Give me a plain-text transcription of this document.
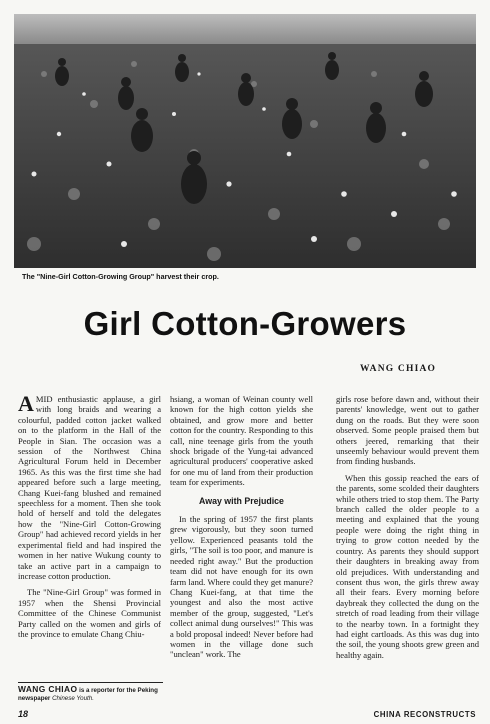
The "Nine-Girl Cotton-Growing Group" harvest their crop.
Girl Cotton-Growers
WANG CHIAO

AMID enthusiastic applause, a girl with long braids and wearing a colourful, padded cotton jacket walked on to the platform in the Hall of the People in Sian. The occasion was a session of the Northwest China Agricultural Forum held in December 1965. As this was the first time she had appeared before such a large meeting, Chang Kuei-fang blushed and remained speechless for a moment. Then she took hold of herself and told the delegates how the "Nine-Girl Cotton-Growing Group" had achieved record yields in her experimental field and had inspired the women in her native Wukung county to take an active part in a campaign to increase cotton production.

The "Nine-Girl Group" was formed in 1957 when the Shensi Provincial Committee of the Chinese Communist Party called on the women and girls of the province to emulate Chang Chiu-

hsiang, a woman of Weinan county well known for the high cotton yields she obtained, and grow more and better cotton for the country. Responding to this call, nine teenage girls from the youth shock brigade of the Yung-tai advanced agricultural producers' cooperative asked for one mu of land from their production team for experiments.

Away with Prejudice

In the spring of 1957 the first plants grew vigorously, but they soon turned yellow. Experienced peasants told the girls, "The soil is too poor, and manure is needed right away." But the production team did not have enough for its own farm land. Where could they get manure? Chang Kuei-fang, at that time the youngest and also the most active member of the group, suggested, "Let's collect animal dung ourselves!" This was a bold proposal indeed! Never before had women in the village done such "unclean" work. The

girls rose before dawn and, without their parents' knowledge, went out to gather dung on the roads. But they were soon observed. Some people praised them but others jeered, remarking that their unseemly behaviour would prevent them from finding husbands.

When this gossip reached the ears of the parents, some scolded their daughters while others tried to stop them. The Party branch called the older people to a meeting and explained that the young people were doing the right thing in trying to grow cotton needed by the country. As parents they should support their daughters in breaking away from old prejudices. With understanding and consent thus won, the girls threw away all their fears. Every morning before daybreak they collected the dung on the stretch of road leading from their village to the nearby town. In a fortnight they had eight cartloads. As this was dug into the soil, the young shoots grew green and healthy again.

WANG CHIAO is a reporter for the Peking newspaper Chinese Youth.
18	CHINA RECONSTRUCTS
